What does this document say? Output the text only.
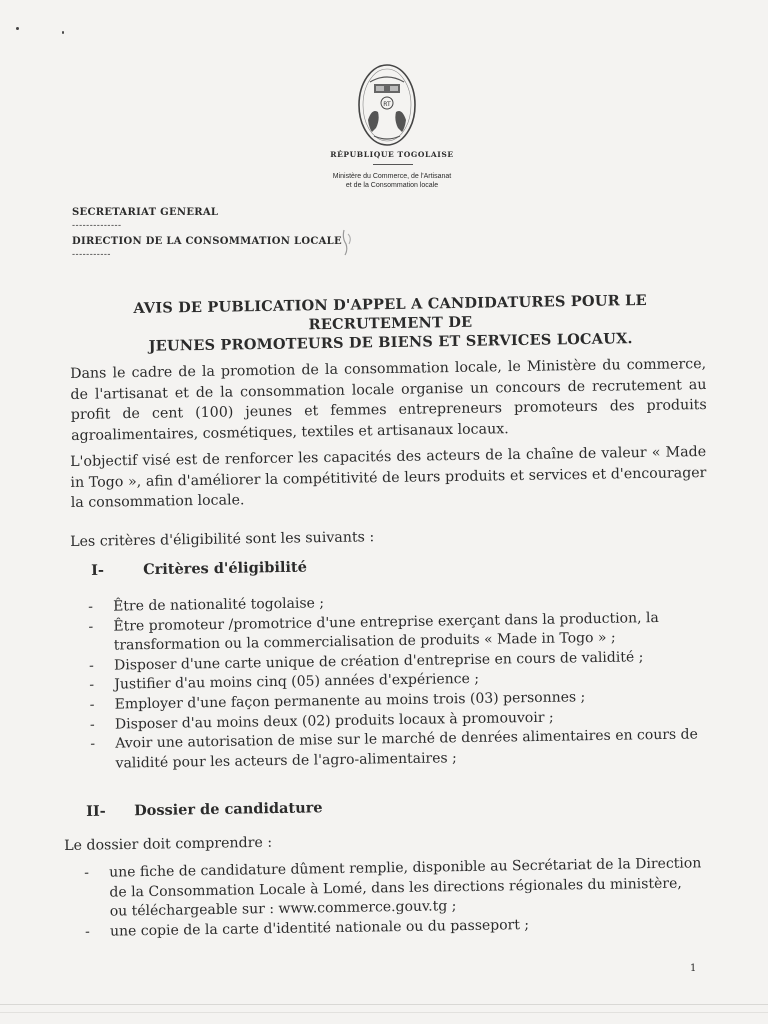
RT
RÉPUBLIQUE TOGOLAISE
Ministère du Commerce, de l'Artisanat
et de la Consommation locale
SECRETARIAT GENERAL
--------------
DIRECTION DE LA CONSOMMATION LOCALE
-----------
AVIS DE PUBLICATION D'APPEL A CANDIDATURES POUR LE RECRUTEMENT DE
JEUNES PROMOTEURS DE BIENS ET SERVICES LOCAUX.
Dans le cadre de la promotion de la consommation locale, le Ministère du commerce, de l'artisanat et de la consommation locale organise un concours de recrutement au profit de cent (100) jeunes et femmes entrepreneurs promoteurs des produits agroalimentaires, cosmétiques, textiles et artisanaux locaux.
L'objectif visé est de renforcer les capacités des acteurs de la chaîne de valeur « Made in Togo », afin d'améliorer la compétitivité de leurs produits et services et d'encourager la consommation locale.
Les critères d'éligibilité sont les suivants :
I-	Critères d'éligibilité
- Être de nationalité togolaise ;
- Être promoteur /promotrice d'une entreprise exerçant dans la production, la transformation ou la commercialisation de produits « Made in Togo » ;
- Disposer d'une carte unique de création d'entreprise en cours de validité ;
- Justifier d'au moins cinq (05) années d'expérience ;
- Employer d'une façon permanente au moins trois (03) personnes ;
- Disposer d'au moins deux (02) produits locaux à promouvoir ;
- Avoir une autorisation de mise sur le marché de denrées alimentaires en cours de validité pour les acteurs de l'agro-alimentaires ;
II- Dossier de candidature
Le dossier doit comprendre :
- une fiche de candidature dûment remplie, disponible au Secrétariat de la Direction de la Consommation Locale à Lomé, dans les directions régionales du ministère, ou téléchargeable sur : www.commerce.gouv.tg ;
- une copie de la carte d'identité nationale ou du passeport ;
1
